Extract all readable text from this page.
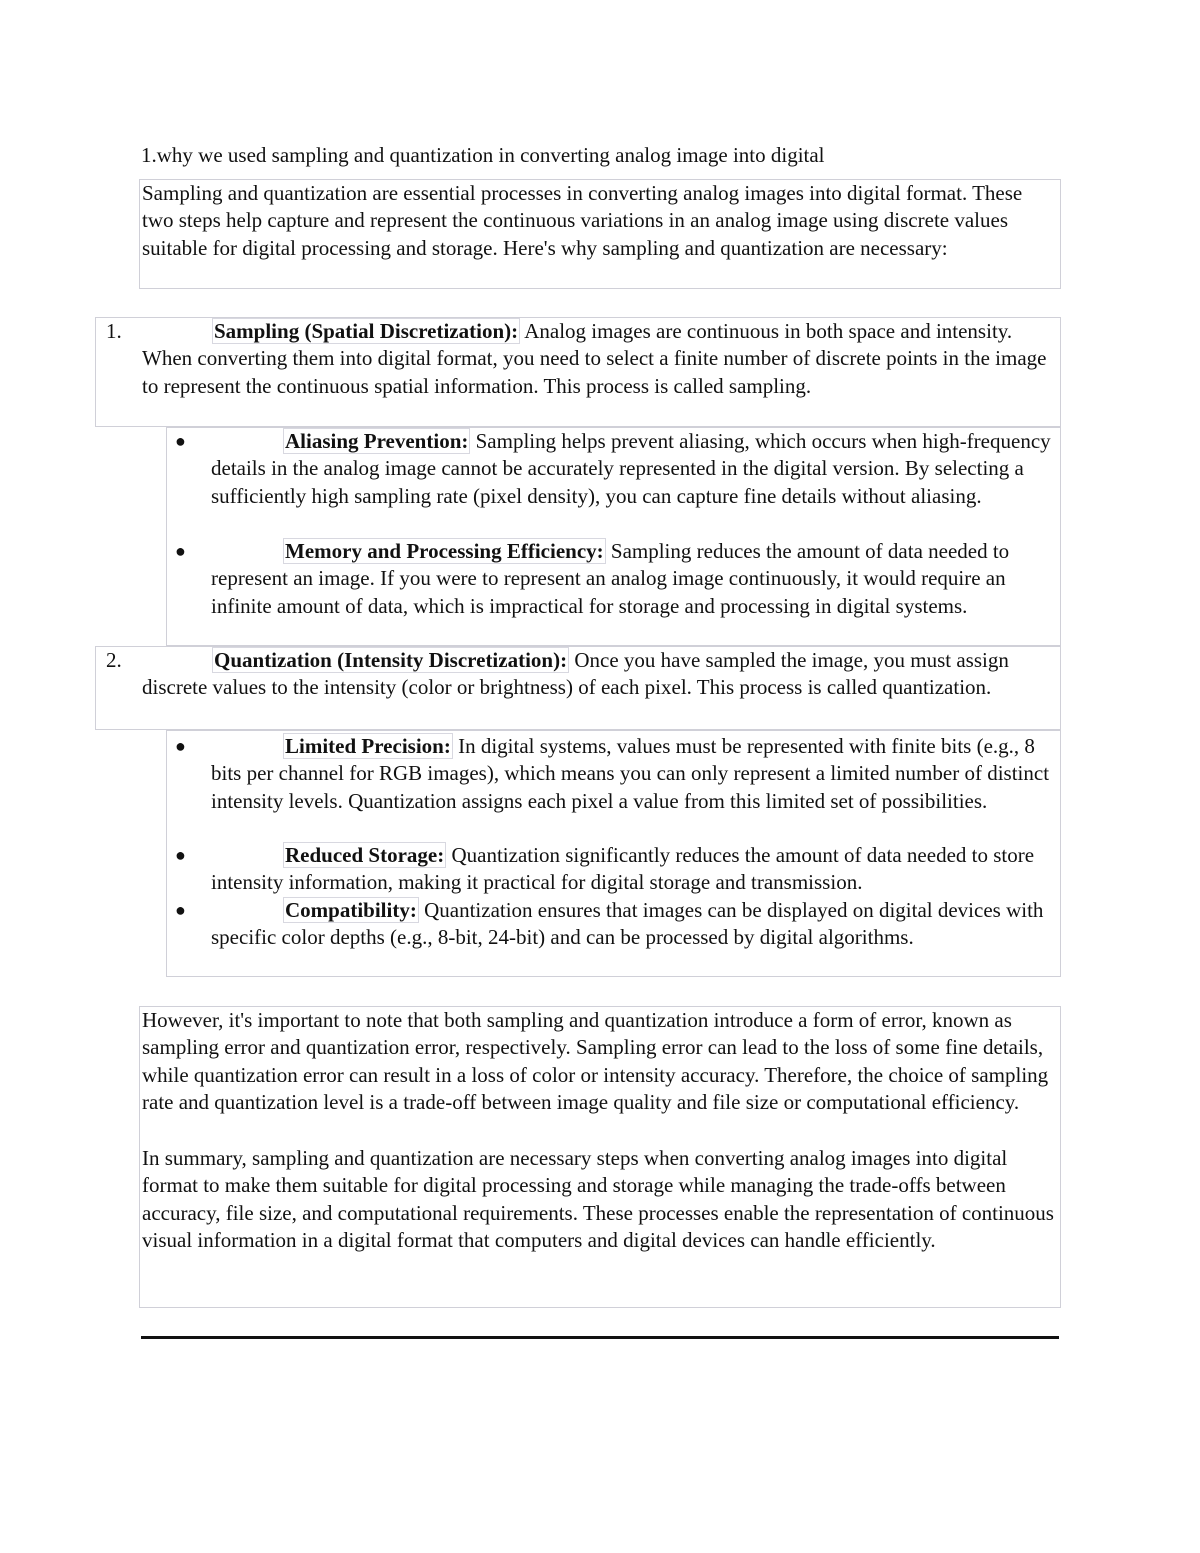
1.why we used sampling and quantization in converting analog image into digital
Sampling and quantization are essential processes in converting analog images into digital format. These two steps help capture and represent the continuous variations in an analog image using discrete values suitable for digital processing and storage. Here's why sampling and quantization are necessary:
1.	Sampling (Spatial Discretization): Analog images are continuous in both space and intensity. When converting them into digital format, you need to select a finite number of discrete points in the image to represent the continuous spatial information. This process is called sampling.
●	Aliasing Prevention: Sampling helps prevent aliasing, which occurs when high-frequency details in the analog image cannot be accurately represented in the digital version. By selecting a sufficiently high sampling rate (pixel density), you can capture fine details without aliasing.
●	Memory and Processing Efficiency: Sampling reduces the amount of data needed to represent an image. If you were to represent an analog image continuously, it would require an infinite amount of data, which is impractical for storage and processing in digital systems.
2.	Quantization (Intensity Discretization): Once you have sampled the image, you must assign discrete values to the intensity (color or brightness) of each pixel. This process is called quantization.
●	Limited Precision: In digital systems, values must be represented with finite bits (e.g., 8 bits per channel for RGB images), which means you can only represent a limited number of distinct intensity levels. Quantization assigns each pixel a value from this limited set of possibilities.
●	Reduced Storage: Quantization significantly reduces the amount of data needed to store intensity information, making it practical for digital storage and transmission.
●	Compatibility: Quantization ensures that images can be displayed on digital devices with specific color depths (e.g., 8-bit, 24-bit) and can be processed by digital algorithms.

However, it's important to note that both sampling and quantization introduce a form of error, known as sampling error and quantization error, respectively. Sampling error can lead to the loss of some fine details, while quantization error can result in a loss of color or intensity accuracy. Therefore, the choice of sampling rate and quantization level is a trade-off between image quality and file size or computational efficiency.

In summary, sampling and quantization are necessary steps when converting analog images into digital format to make them suitable for digital processing and storage while managing the trade-offs between accuracy, file size, and computational requirements. These processes enable the representation of continuous visual information in a digital format that computers and digital devices can handle efficiently.
